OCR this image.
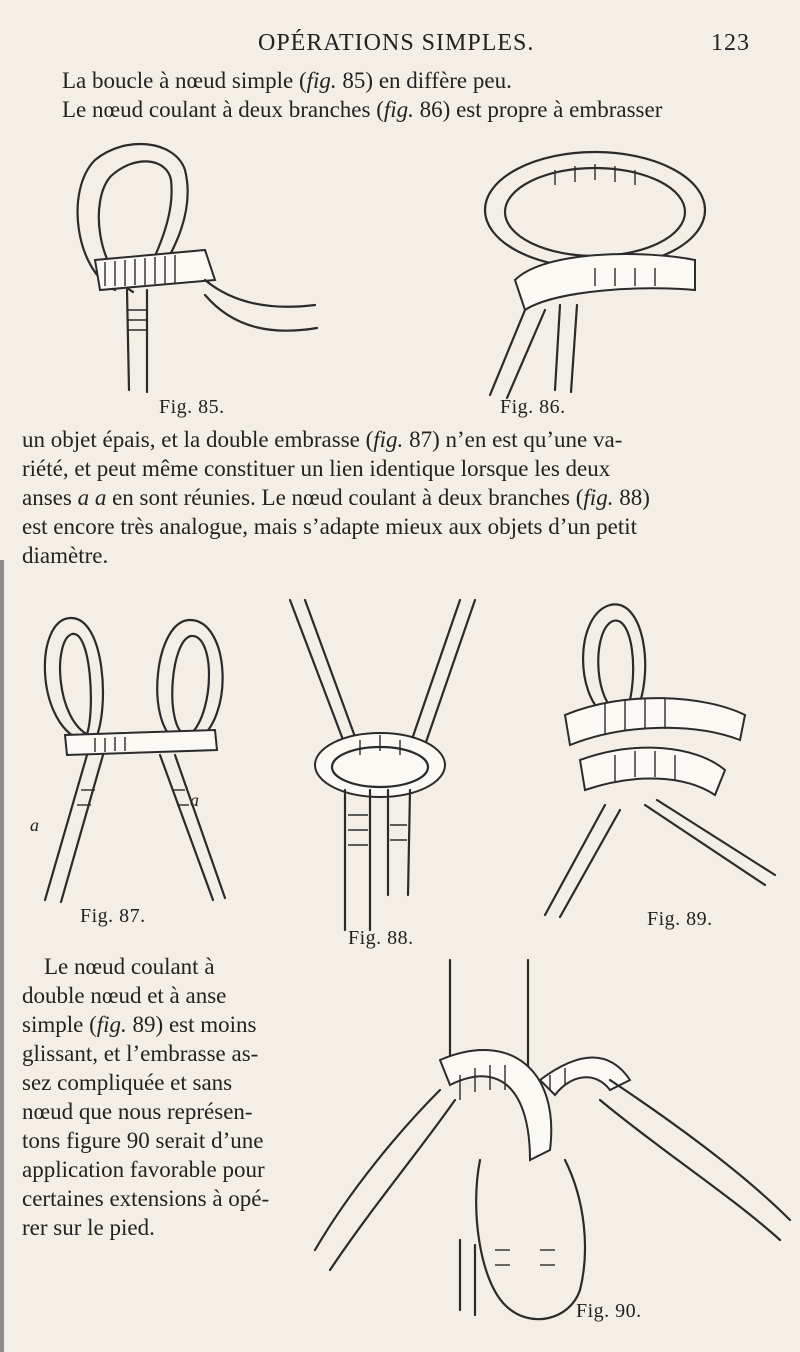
OPÉRATIONS SIMPLES.	123
La boucle à nœud simple (fig. 85) en diffère peu.
Le nœud coulant à deux branches (fig. 86) est propre à embrasser
Fig. 85.	Fig. 86.
un objet épais, et la double embrasse (fig. 87) n’en est qu’une va-
riété, et peut même constituer un lien identique lorsque les deux
anses a a en sont réunies. Le nœud coulant à deux branches (fig. 88)
est encore très analogue, mais s’adapte mieux aux objets d’un petit
diamètre.
a
a
Fig. 87.
Fig. 88.
Fig. 89.
Le nœud coulant à
double nœud et à anse
simple (fig. 89) est moins
glissant, et l’embrasse as-
sez compliquée et sans
nœud que nous représen-
tons figure 90 serait d’une
application favorable pour
certaines extensions à opé-
rer sur le pied.
Fig. 90.
